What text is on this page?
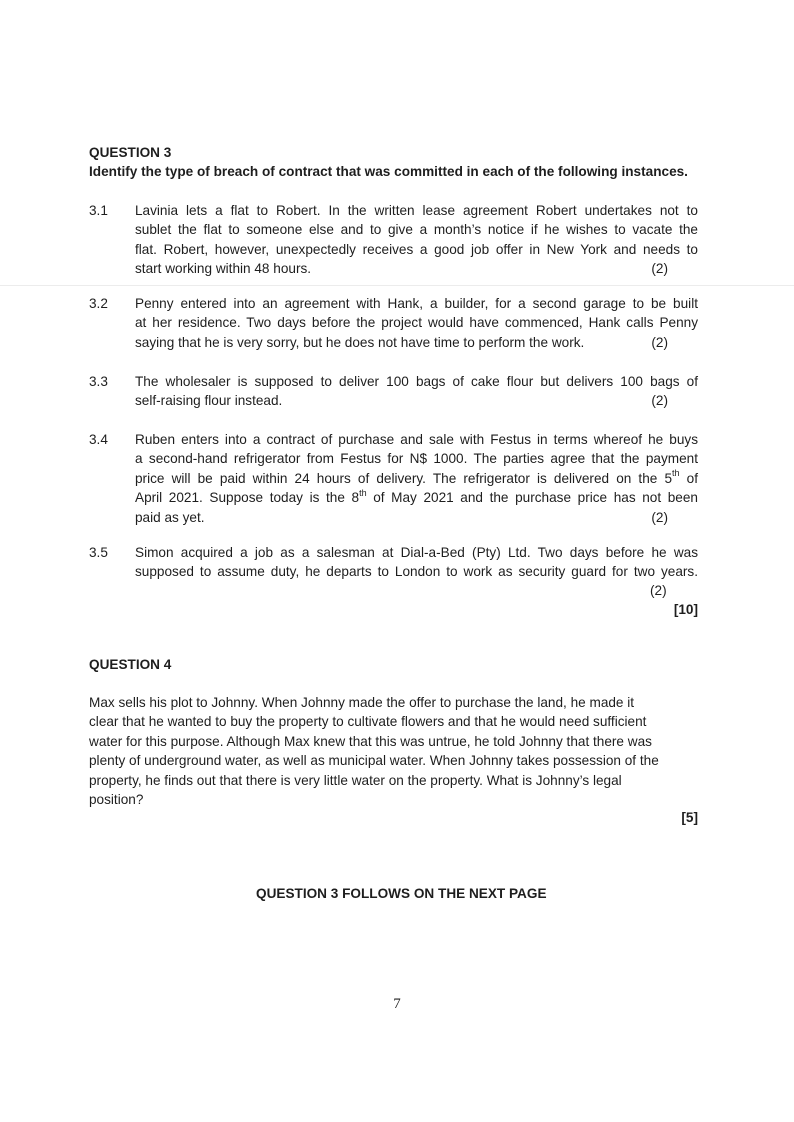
QUESTION 3
Identify the type of breach of contract that was committed in each of the following instances.
3.1	Lavinia lets a flat to Robert. In the written lease agreement Robert undertakes not to
sublet the flat to someone else and to give a month’s notice if he wishes to vacate the
flat. Robert, however, unexpectedly receives a good job offer in New York and needs to
start working within 48 hours.	(2)
3.2	Penny entered into an agreement with Hank, a builder, for a second garage to be built
at her residence. Two days before the project would have commenced, Hank calls Penny
saying that he is very sorry, but he does not have time to perform the work.	(2)
3.3	The wholesaler is supposed to deliver 100 bags of cake flour but delivers 100 bags of
self-raising flour instead.	(2)
3.4	Ruben enters into a contract of purchase and sale with Festus in terms whereof he buys
a second-hand refrigerator from Festus for N$ 1000. The parties agree that the payment
price will be paid within 24 hours of delivery. The refrigerator is delivered on the 5th of
April 2021. Suppose today is the 8th of May 2021 and the purchase price has not been
paid as yet.	(2)
3.5	Simon acquired a job as a salesman at Dial-a-Bed (Pty) Ltd. Two days before he was
supposed to assume duty, he departs to London to work as security guard for two years.
(2)
[10]
QUESTION 4
Max sells his plot to Johnny. When Johnny made the offer to purchase the land, he made it
clear that he wanted to buy the property to cultivate flowers and that he would need sufficient
water for this purpose. Although Max knew that this was untrue, he told Johnny that there was
plenty of underground water, as well as municipal water. When Johnny takes possession of the
property, he finds out that there is very little water on the property. What is Johnny’s legal
position?
[5]
QUESTION 3 FOLLOWS ON THE NEXT PAGE
7
